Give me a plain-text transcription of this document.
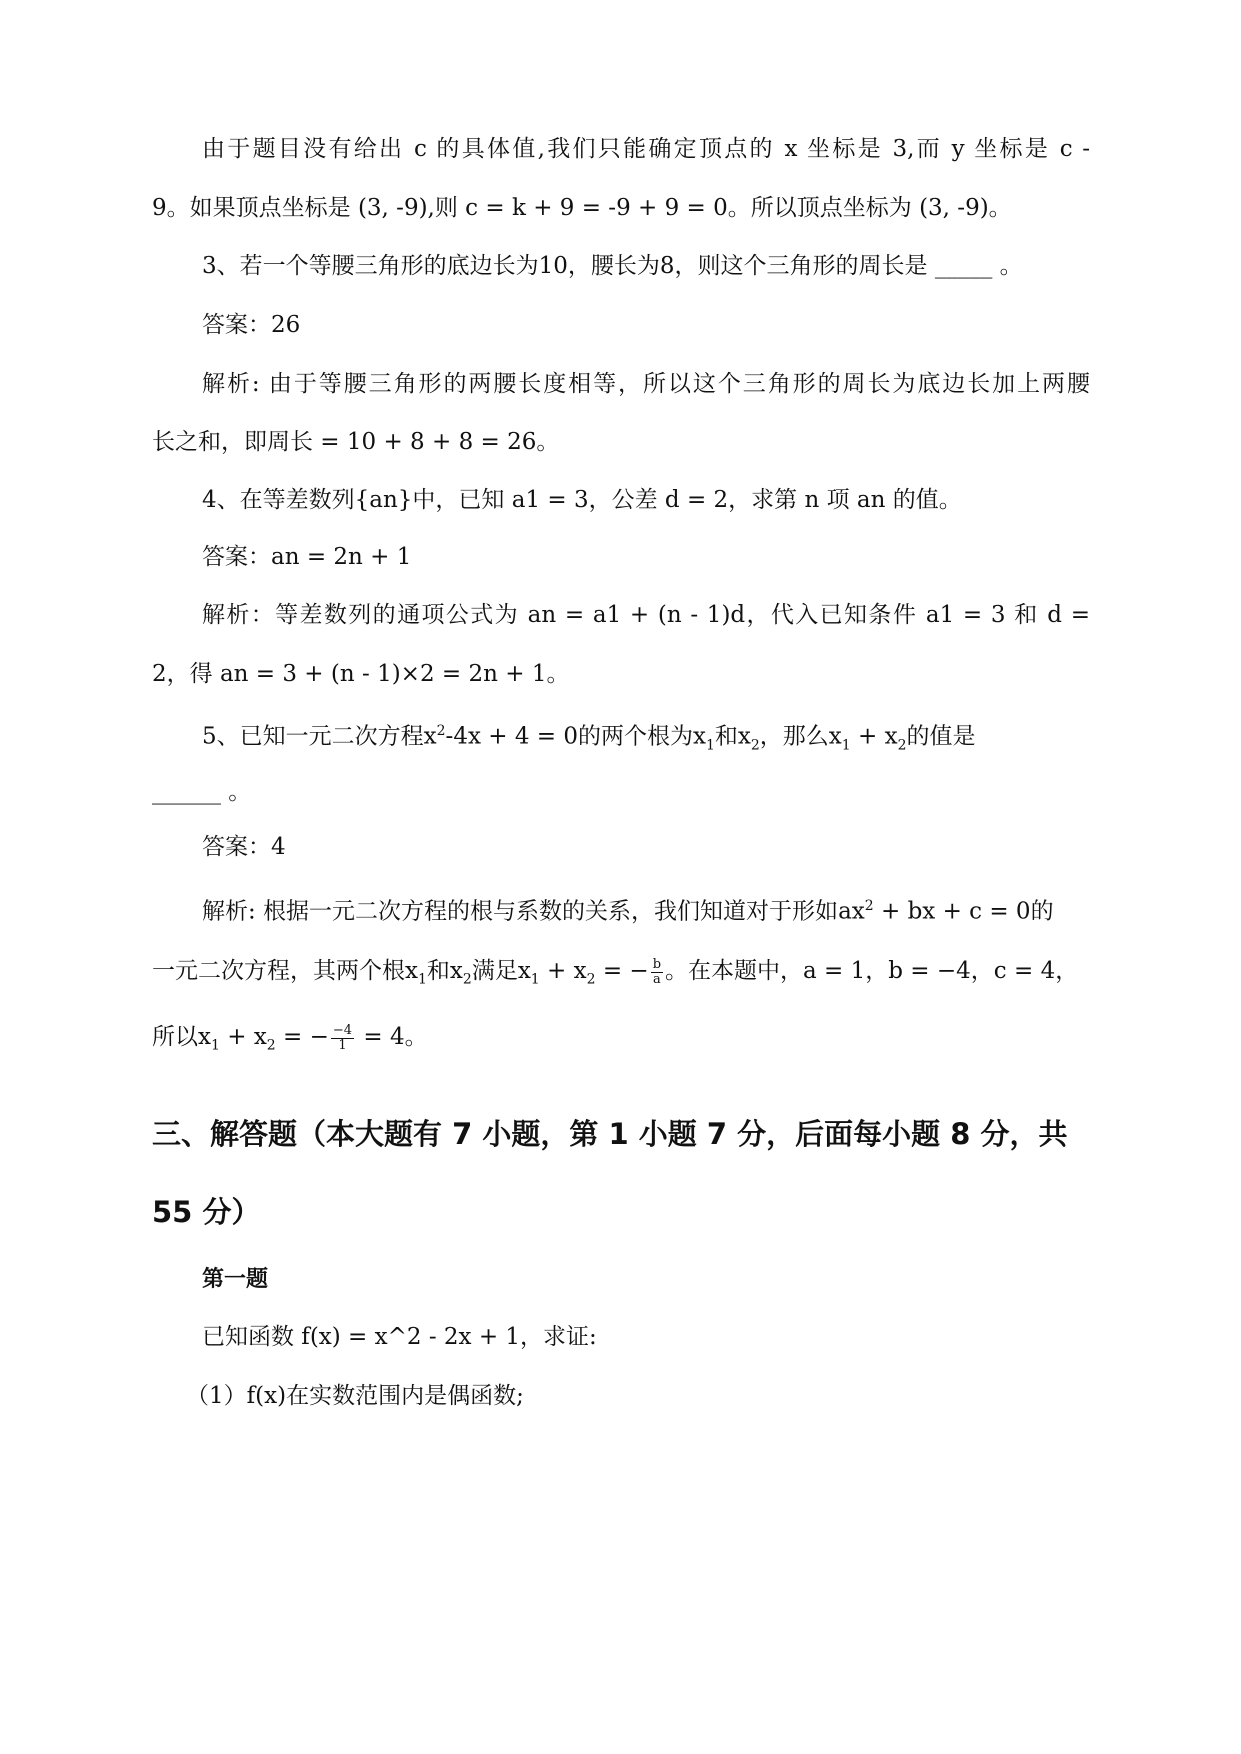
由于题目没有给出 c 的具体值,我们只能确定顶点的 x 坐标是 3,而 y 坐标是 c -
9。如果顶点坐标是 (3, -9),则 c = k + 9 = -9 + 9 = 0。所以顶点坐标为 (3, -9)。
3、若一个等腰三角形的底边长为10，腰长为8，则这个三角形的周长是 _____ 。
答案：26
解析: 由于等腰三角形的两腰长度相等，所以这个三角形的周长为底边长加上两腰
长之和，即周长 = 10 + 8 + 8 = 26。
4、在等差数列{an}中，已知 a1 = 3，公差 d = 2，求第 n 项 an 的值。
答案：an = 2n + 1
解析：等差数列的通项公式为 an = a1 + (n - 1)d，代入已知条件 a1 = 3 和 d =
2，得 an = 3 + (n - 1)×2 = 2n + 1。
5、已知一元二次方程$x^2-4x + 4 = 0$的两个根为$x_1$和$x_2$，那么$x_1 + x_2$的值是
______ 。
答案：4
解析: 根据一元二次方程的根与系数的关系，我们知道对于形如$ax^2$ + bx + c = 0的
一元二次方程，其两个根$x_1$和$x_2$满足$x_1 + x_2$ = − $\frac{b}{a}$ 。在本题中，a = 1，b = −4，c = 4，
所以$x_1 + x_2$ = − $\frac{-4}{1} = 4$。
三、解答题（本大题有 7 小题，第 1 小题 7 分，后面每小题 8 分，共
55 分）
第一题
已知函数 f(x) = x^2 - 2x + 1，求证:
（1）f(x)在实数范围内是偶函数;
